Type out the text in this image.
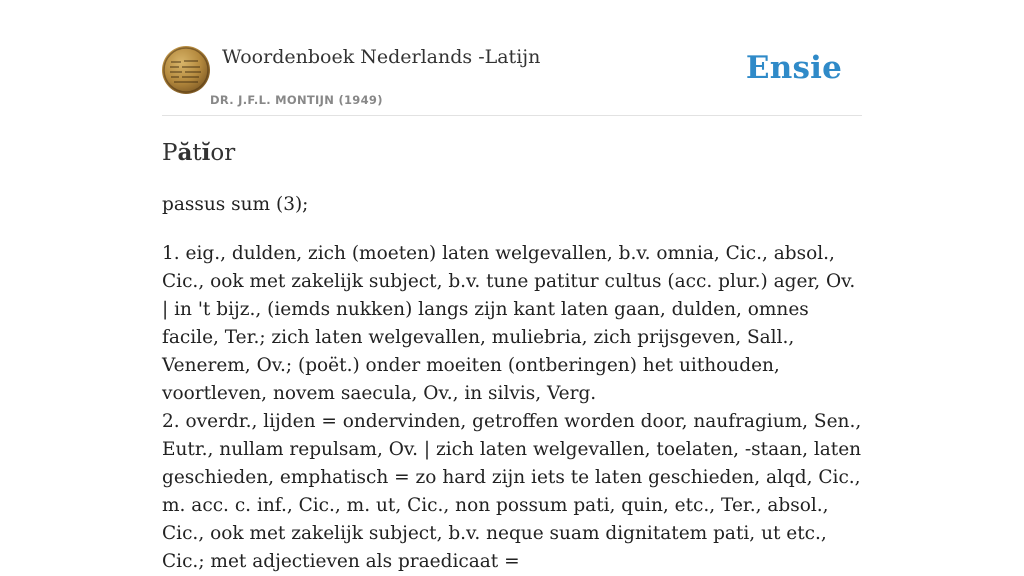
Woordenboek Nederlands -Latijn
DR. J.F.L. MONTIJN (1949)
Ensie
Pătĭor

passus sum (3);

1. eig., dulden, zich (moeten) laten welgevallen, b.v. omnia, Cic., absol., Cic., ook met zakelijk subject, b.v. tune patitur cultus (acc. plur.) ager, Ov. | in 't bijz., (iemds nukken) langs zijn kant laten gaan, dulden, omnes facile, Ter.; zich laten welgevallen, muliebria, zich prijsgeven, Sall., Venerem, Ov.; (poët.) onder moeiten (ontberingen) het uithouden, voortleven, novem saecula, Ov., in silvis, Verg.
2. overdr., lijden = ondervinden, getroffen worden door, naufragium, Sen., Eutr., nullam repulsam, Ov. | zich laten welgevallen, toelaten, -staan, laten geschieden, emphatisch = zo hard zijn iets te laten geschieden, alqd, Cic., m. acc. c. inf., Cic., m. ut, Cic., non possum pati, quin, etc., Ter., absol., Cic., ook met zakelijk subject, b.v. neque suam dignitatem pati, ut etc., Cic.; met adjectieven als praedicaat =
